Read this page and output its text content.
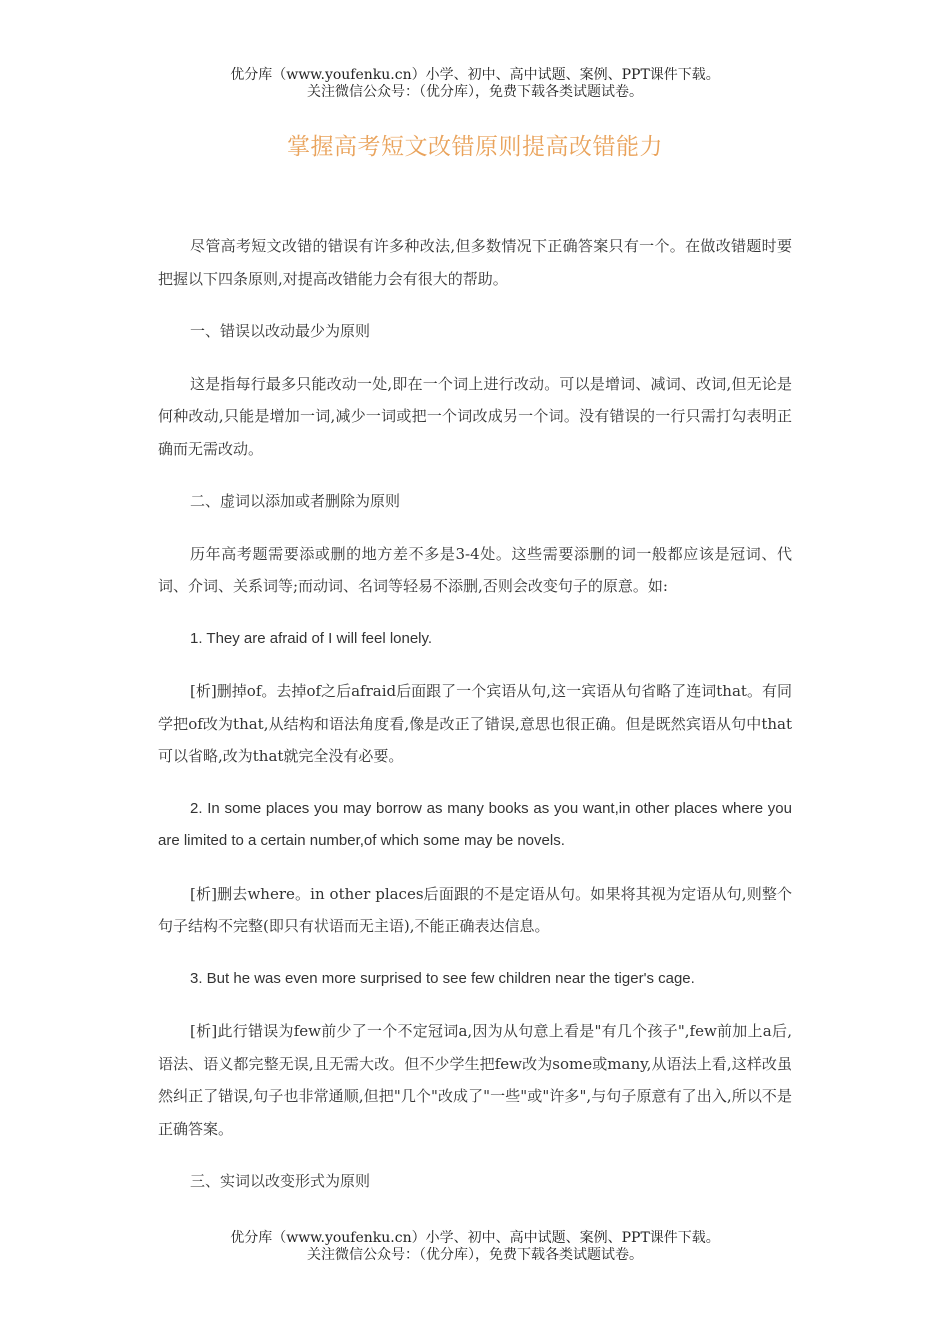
优分库（www.youfenku.cn）小学、初中、高中试题、案例、PPT课件下载。
关注微信公众号：（优分库），免费下载各类试题试卷。
掌握高考短文改错原则提高改错能力

尽管高考短文改错的错误有许多种改法,但多数情况下正确答案只有一个。在做改错题时要把握以下四条原则,对提高改错能力会有很大的帮助。

一、错误以改动最少为原则

这是指每行最多只能改动一处,即在一个词上进行改动。可以是增词、减词、改词,但无论是何种改动,只能是增加一词,减少一词或把一个词改成另一个词。没有错误的一行只需打勾表明正确而无需改动。

二、虚词以添加或者删除为原则

历年高考题需要添或删的地方差不多是3-4处。这些需要添删的词一般都应该是冠词、代词、介词、关系词等;而动词、名词等轻易不添删,否则会改变句子的原意。如:

1. They are afraid of I will feel lonely.

[析]删掉of。去掉of之后afraid后面跟了一个宾语从句,这一宾语从句省略了连词that。有同学把of改为that,从结构和语法角度看,像是改正了错误,意思也很正确。但是既然宾语从句中that可以省略,改为that就完全没有必要。

2. In some places you may borrow as many books as you want,in other places where you are limited to a certain number,of which some may be novels.

[析]删去where。in other places后面跟的不是定语从句。如果将其视为定语从句,则整个句子结构不完整(即只有状语而无主语),不能正确表达信息。

3. But he was even more surprised to see few children near the tiger's cage.

[析]此行错误为few前少了一个不定冠词a,因为从句意上看是"有几个孩子",few前加上a后,语法、语义都完整无误,且无需大改。但不少学生把few改为some或many,从语法上看,这样改虽然纠正了错误,句子也非常通顺,但把"几个"改成了"一些"或"许多",与句子原意有了出入,所以不是正确答案。

三、实词以改变形式为原则

优分库（www.youfenku.cn）小学、初中、高中试题、案例、PPT课件下载。
关注微信公众号：（优分库），免费下载各类试题试卷。
